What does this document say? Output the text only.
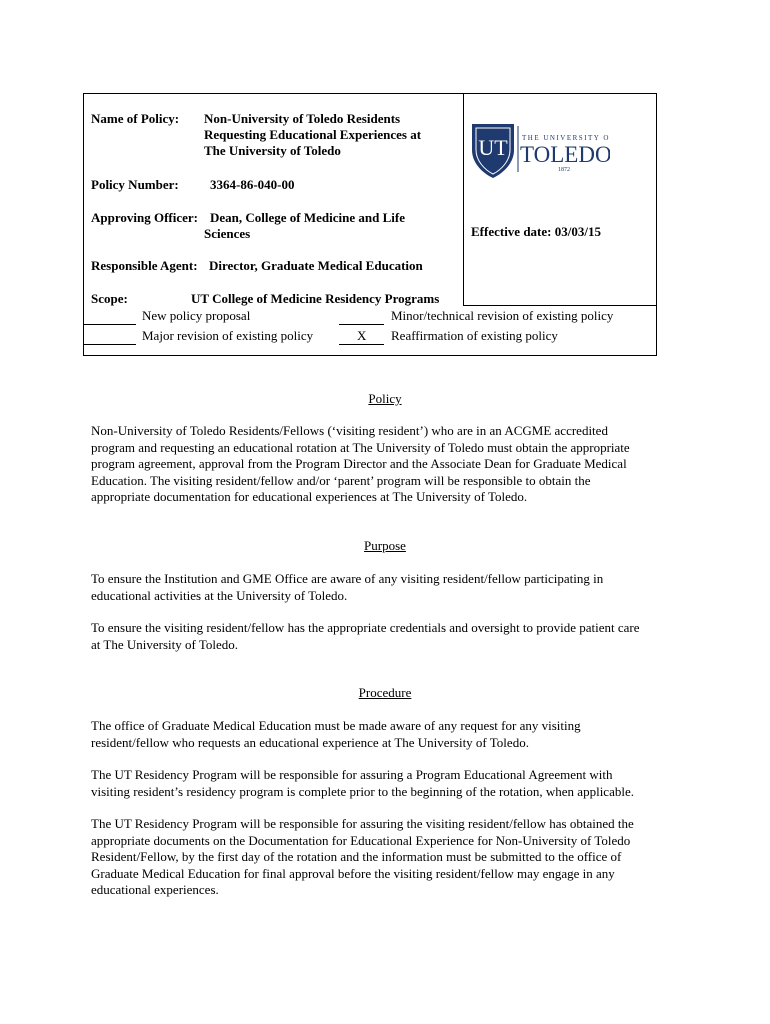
Name of Policy: Non-University of Toledo Residents
Requesting Educational Experiences at
The University of Toledo
Policy Number: 3364-86-040-00
Approving Officer: Dean, College of Medicine and Life
Sciences
Responsible Agent: Director, Graduate Medical Education
Scope:	UT College of Medicine Residency Programs
Effective date: 03/03/15
UT THE UNIVERSITY OF
TOLEDO
1872
New policy proposal
Major revision of existing policy
Minor/technical revision of existing policy
X Reaffirmation of existing policy
Policy

Non-University of Toledo Residents/Fellows (‘visiting resident’) who are in an ACGME accredited

program and requesting an educational rotation at The University of Toledo must obtain the appropriate

program agreement, approval from the Program Director and the Associate Dean for Graduate Medical

Education. The visiting resident/fellow and/or ‘parent’ program will be responsible to obtain the

appropriate documentation for educational experiences at The University of Toledo.

Purpose

To ensure the Institution and GME Office are aware of any visiting resident/fellow participating in

educational activities at the University of Toledo.

To ensure the visiting resident/fellow has the appropriate credentials and oversight to provide patient care

at The University of Toledo.

Procedure

The office of Graduate Medical Education must be made aware of any request for any visiting

resident/fellow who requests an educational experience at The University of Toledo.

The UT Residency Program will be responsible for assuring a Program Educational Agreement with

visiting resident’s residency program is complete prior to the beginning of the rotation, when applicable.

The UT Residency Program will be responsible for assuring the visiting resident/fellow has obtained the

appropriate documents on the Documentation for Educational Experience for Non-University of Toledo

Resident/Fellow, by the first day of the rotation and the information must be submitted to the office of

Graduate Medical Education for final approval before the visiting resident/fellow may engage in any

educational experiences.
